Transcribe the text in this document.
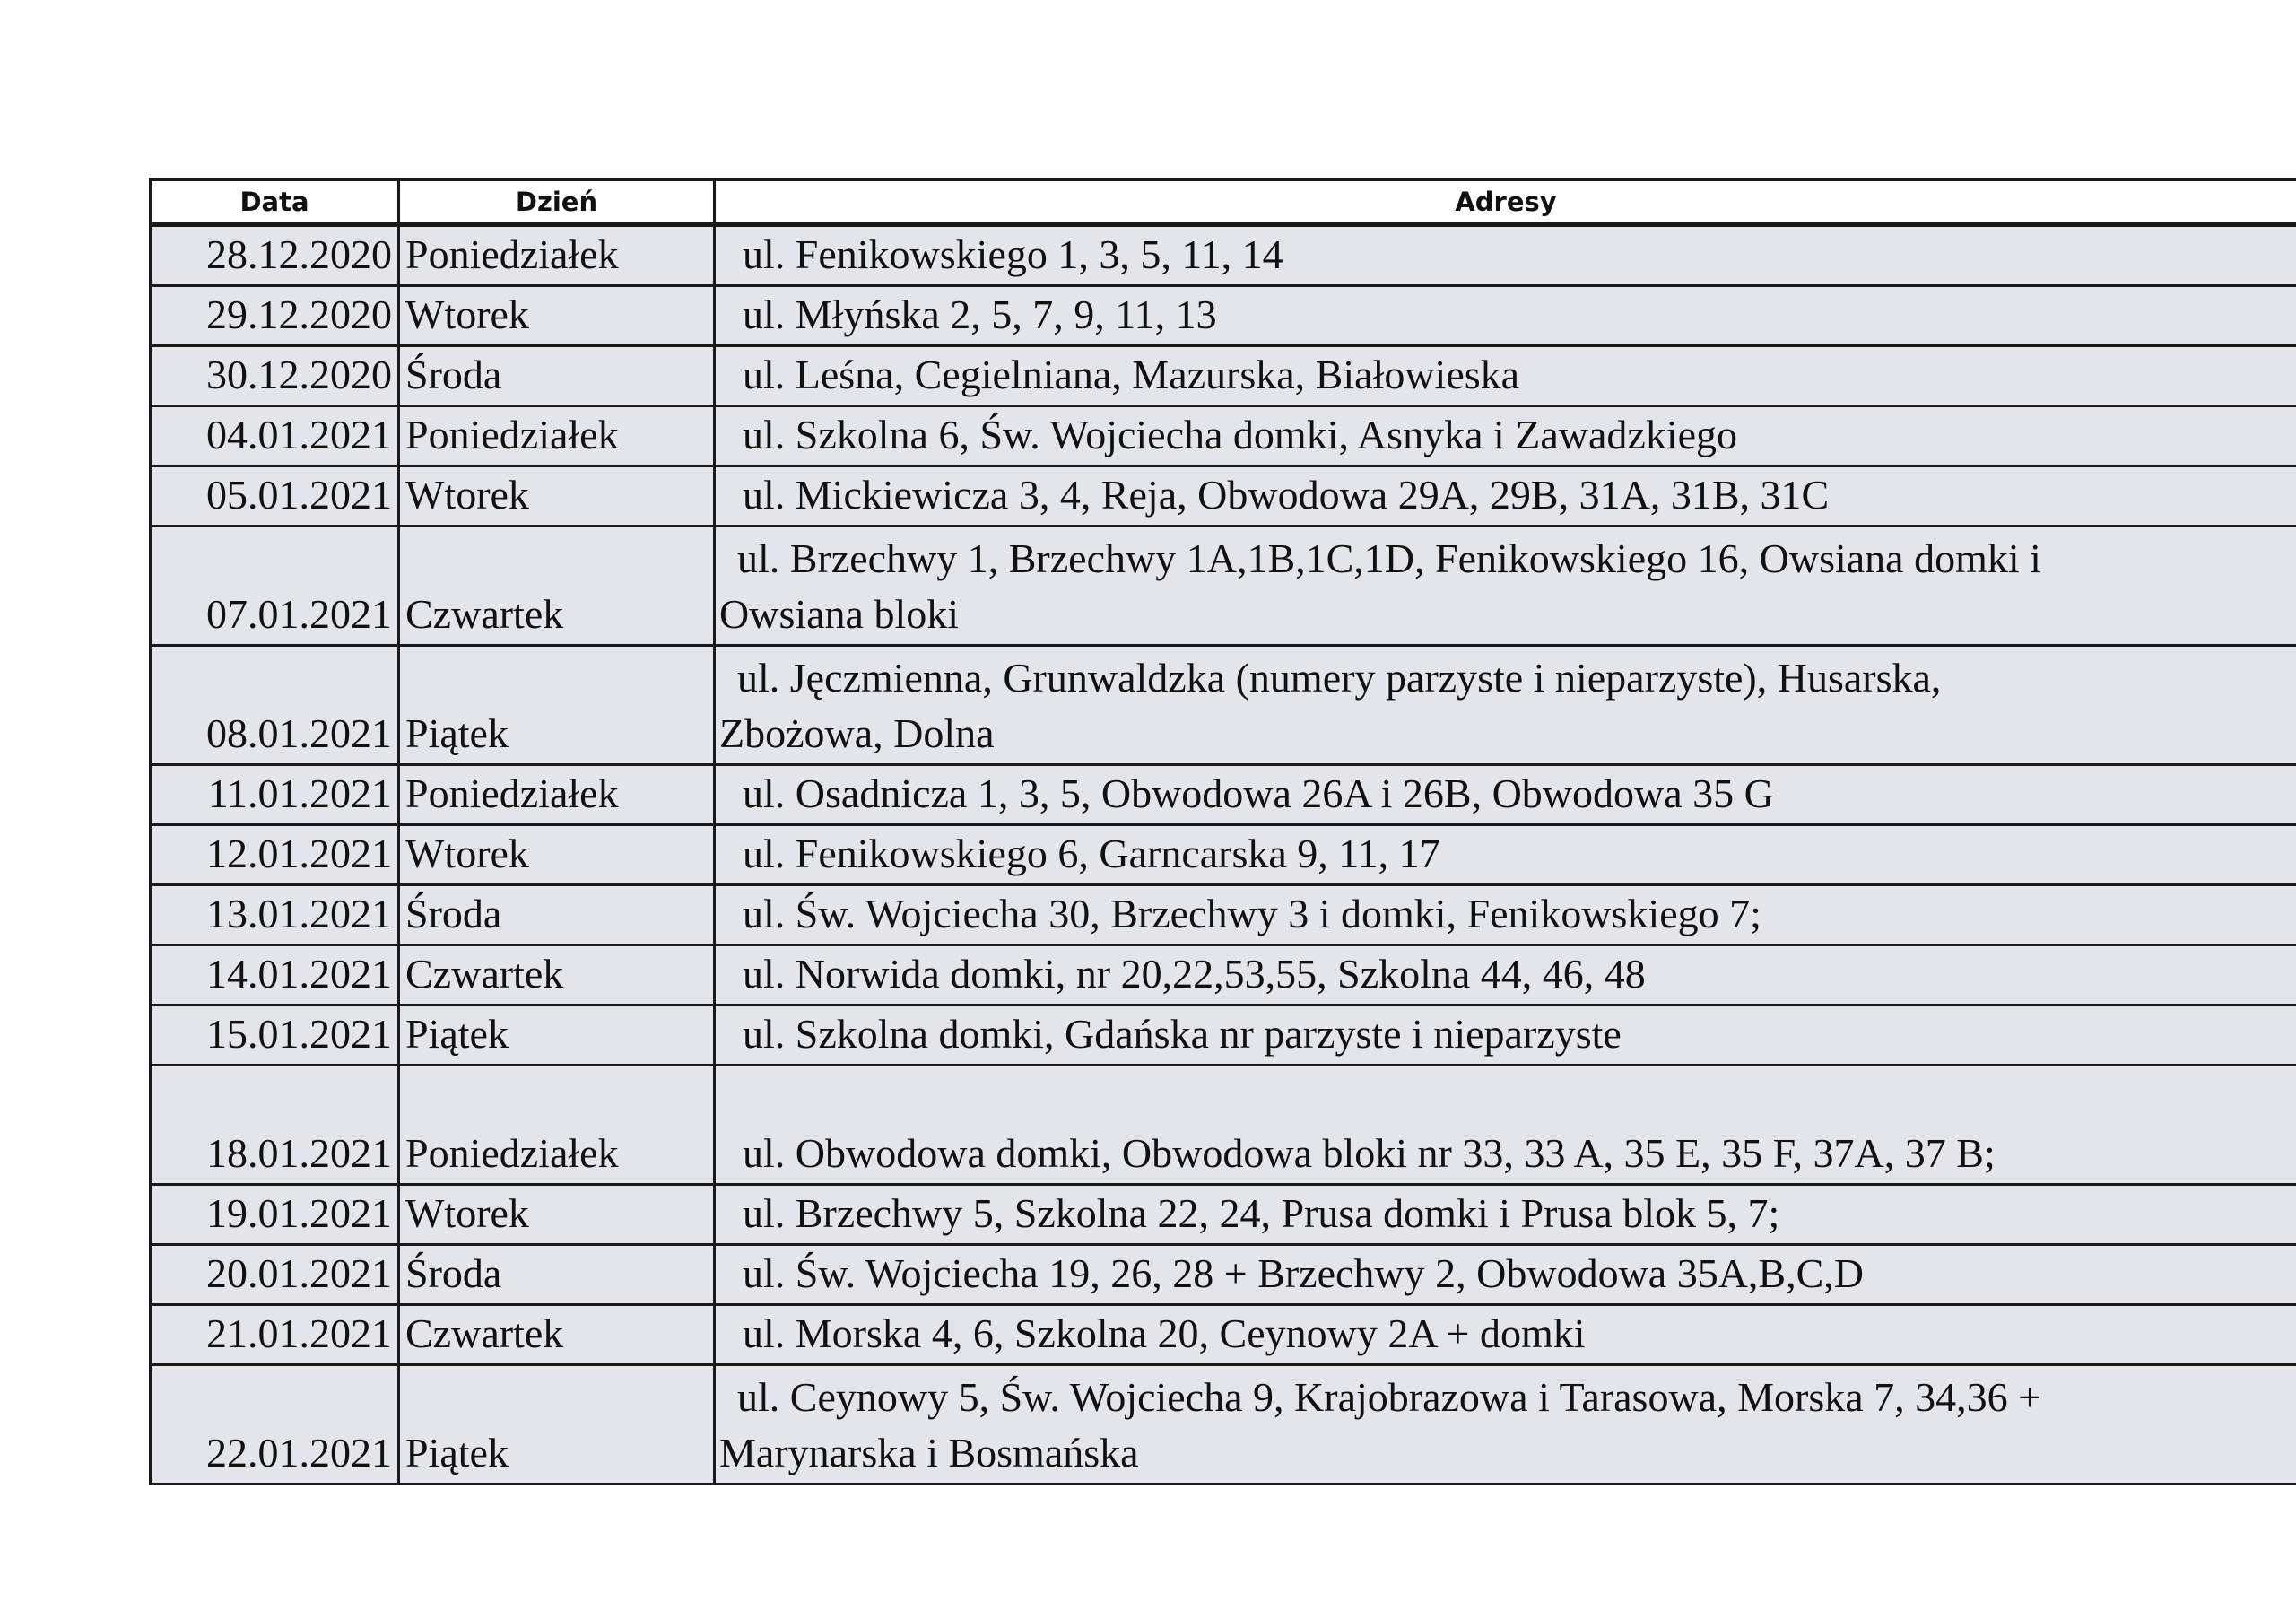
Data	Dzień	Adresy
28.12.2020	Poniedziałek	ul. Fenikowskiego 1, 3, 5, 11, 14

29.12.2020	Wtorek	ul. Młyńska 2, 5, 7, 9, 11, 13

30.12.2020	Środa	ul. Leśna, Cegielniana, Mazurska, Białowieska

04.01.2021	Poniedziałek	ul. Szkolna 6, Św. Wojciecha domki, Asnyka i Zawadzkiego

05.01.2021	Wtorek	ul. Mickiewicza 3, 4, Reja, Obwodowa 29A, 29B, 31A, 31B, 31C

07.01.2021	Czwartek	ul. Brzechwy 1, Brzechwy 1A,1B,1C,1D, Fenikowskiego 16, Owsiana domki i
Owsiana bloki

08.01.2021	Piątek	ul. Jęczmienna, Grunwaldzka (numery parzyste i nieparzyste), Husarska,
Zbożowa, Dolna

11.01.2021	Poniedziałek	ul. Osadnicza 1, 3, 5, Obwodowa 26A i 26B, Obwodowa 35 G

12.01.2021	Wtorek	ul. Fenikowskiego 6, Garncarska 9, 11, 17

13.01.2021	Środa	ul. Św. Wojciecha 30, Brzechwy 3 i domki, Fenikowskiego 7;

14.01.2021	Czwartek	ul. Norwida domki, nr 20,22,53,55, Szkolna 44, 46, 48

15.01.2021	Piątek	ul. Szkolna domki, Gdańska nr parzyste i nieparzyste

18.01.2021	Poniedziałek	ul. Obwodowa domki, Obwodowa bloki nr 33, 33 A, 35 E, 35 F, 37A, 37 B;

19.01.2021	Wtorek	ul. Brzechwy 5, Szkolna 22, 24, Prusa domki i Prusa blok 5, 7;

20.01.2021	Środa	ul. Św. Wojciecha 19, 26, 28 + Brzechwy 2, Obwodowa 35A,B,C,D

21.01.2021	Czwartek	ul. Morska 4, 6, Szkolna 20, Ceynowy 2A + domki

22.01.2021	Piątek	ul. Ceynowy 5, Św. Wojciecha 9, Krajobrazowa i Tarasowa, Morska 7, 34,36 +
Marynarska i Bosmańska
